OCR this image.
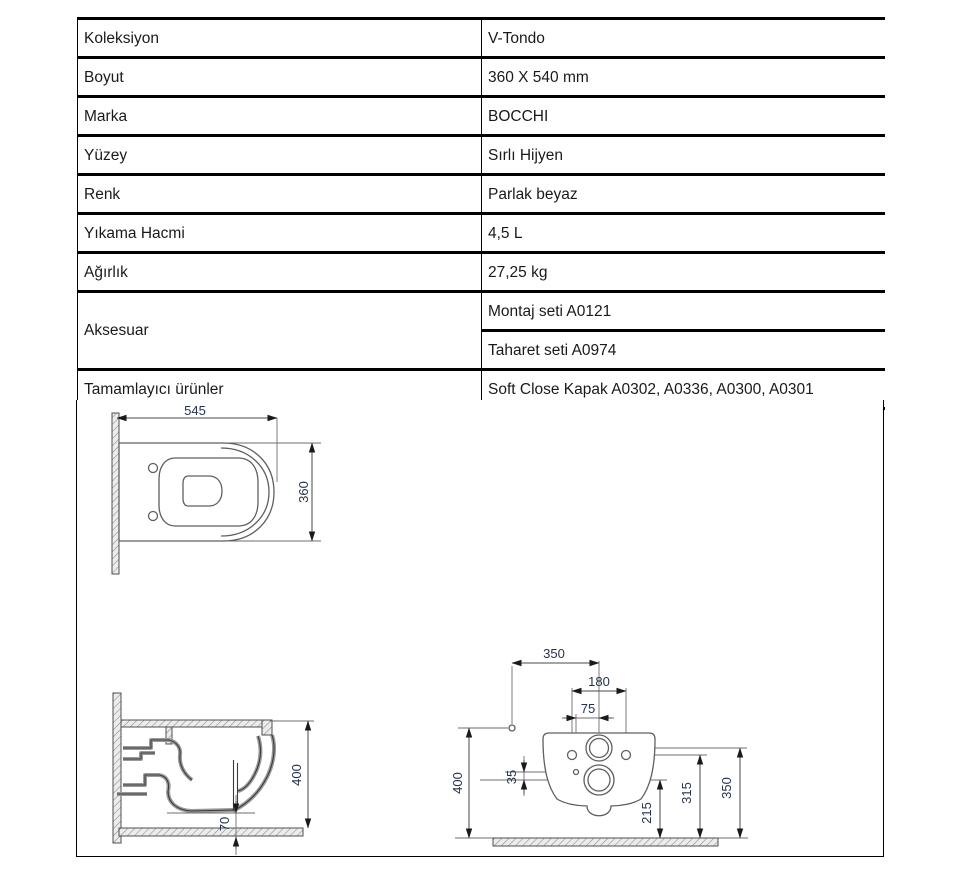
Koleksiyon	V-Tondo
Boyut	360 X 540 mm
Marka	BOCCHI
Yüzey	Sırlı Hijyen
Renk	Parlak beyaz
Yıkama Hacmi	4,5 L
Ağırlık	27,25 kg
Aksesuar	Montaj seti A0121
	Taharet seti A0974
Tamamlayıcı ürünler	Soft Close Kapak A0302, A0336, A0300, A0301
545
360
400
70
350
180
75
400	35
215
315 350
